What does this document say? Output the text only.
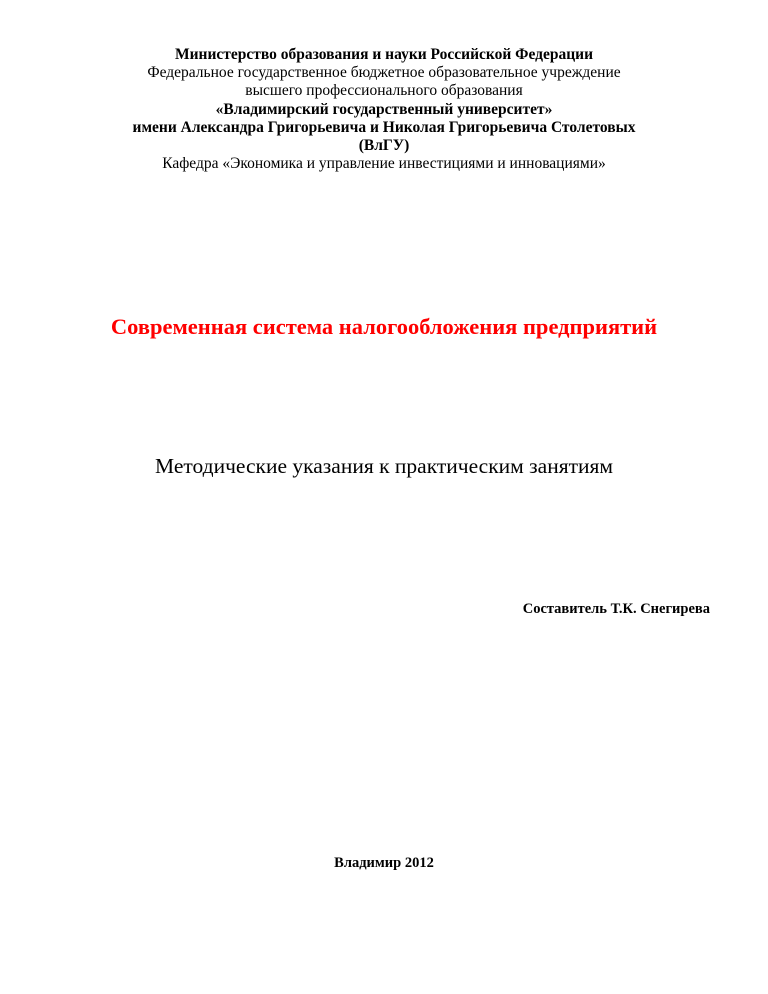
Министерство образования и науки Российской Федерации
Федеральное государственное бюджетное образовательное учреждение
высшего профессионального образования
«Владимирский государственный университет»
имени Александра Григорьевича и Николая Григорьевича Столетовых
(ВлГУ)
Кафедра «Экономика и управление инвестициями и инновациями»
Современная система налогообложения предприятий
Методические указания к практическим занятиям
Составитель Т.К. Снегирева
Владимир 2012
